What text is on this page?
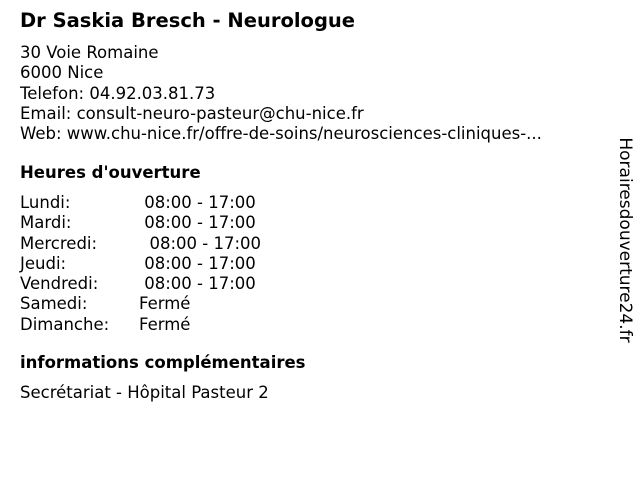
Dr Saskia Bresch - Neurologue
30 Voie Romaine
6000 Nice
Telefon: 04.92.03.81.73
Email: consult-neuro-pasteur@chu-nice.fr
Web: www.chu-nice.fr/offre-de-soins/neurosciences-cliniques-...
Heures d'ouverture
Lundi:	08:00 - 17:00
Mardi:	08:00 - 17:00
Mercredi:	08:00 - 17:00
Jeudi:	08:00 - 17:00
Vendredi:	08:00 - 17:00
Samedi:	Fermé
Dimanche:	Fermé
informations complémentaires
Secrétariat - Hôpital Pasteur 2
Horairesdouverture24.fr
